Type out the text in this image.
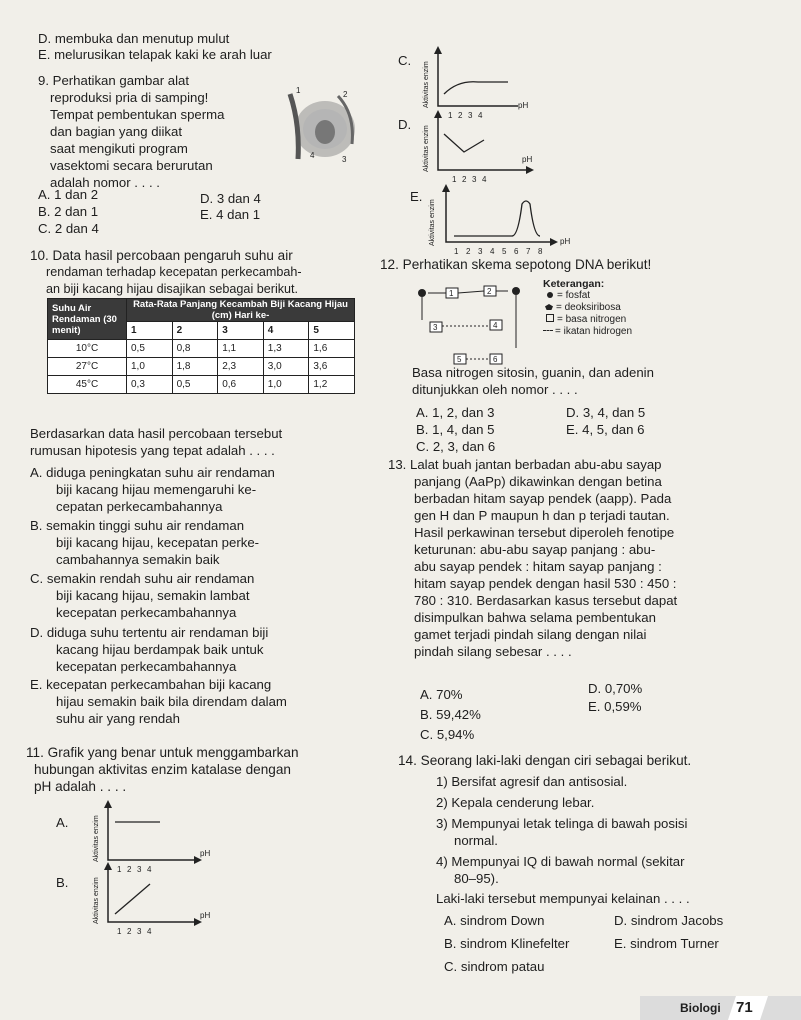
D. membuka dan menutup mulut
E. melurusikan telapak kaki ke arah luar
9. Perhatikan gambar alat
reproduksi pria di samping!
Tempat pembentukan sperma
dan bagian yang diikat
saat mengikuti program
vasektomi secara berurutan
adalah nomor . . . .
1	2
3
4
A. 1 dan 2
B. 2 dan 1
C. 2 dan 4
D. 3 dan 4
E. 4 dan 1
10. Data hasil percobaan pengaruh suhu air
rendaman terhadap kecepatan perkecambah-
an biji kacang hijau disajikan sebagai berikut.
Suhu Air Rendaman (30 menit)	Rata-Rata Panjang Kecambah Biji Kacang Hijau (cm) Hari ke-				
	1	2	3	4	5
10°C	0,5	0,8	1,1	1,3	1,6
27°C	1,0	1,8	2,3	3,0	3,6
45°C	0,3	0,5	0,6	1,0	1,2
Berdasarkan data hasil percobaan tersebut
rumusan hipotesis yang tepat adalah . . . .
A. diduga peningkatan suhu air rendaman
biji kacang hijau memengaruhi ke-
cepatan perkecambahannya
B. semakin tinggi suhu air rendaman
biji kacang hijau, kecepatan perke-
cambahannya semakin baik
C. semakin rendah suhu air rendaman
biji kacang hijau, semakin lambat
kecepatan perkecambahannya
D. diduga suhu tertentu air rendaman biji
kacang hijau berdampak baik untuk
kecepatan perkecambahannya
E. kecepatan perkecambahan biji kacang
hijau semakin baik bila direndam dalam
suhu air yang rendah
11. Grafik yang benar untuk menggambarkan
hubungan aktivitas enzim katalase dengan
pH adalah . . . .
A.	Aktivitas enzim	pH
1 2 3 4
B.	Aktivitas enzim	pH
1 2 3 4
C.
Aktivitas enzim	pH
1 2 3 4
D.
Aktivitas enzim	pH
1 2 3 4
E.
Aktivitas enzim	pH
1 2 3 4 5 6 7 8
12. Perhatikan skema sepotong DNA berikut!
1	2
3	4
5	6
Keterangan:
= fosfat
= deoksiribosa
= basa nitrogen
= ikatan hidrogen
Basa nitrogen sitosin, guanin, dan adenin
ditunjukkan oleh nomor . . . .
A. 1, 2, dan 3
B. 1, 4, dan 5
C. 2, 3, dan 6
D. 3, 4, dan 5
E. 4, 5, dan 6
13. Lalat buah jantan berbadan abu-abu sayap
panjang (AaPp) dikawinkan dengan betina
berbadan hitam sayap pendek (aapp). Pada
gen H dan P maupun h dan p terjadi tautan.
Hasil perkawinan tersebut diperoleh fenotipe
keturunan: abu-abu sayap panjang : abu-
abu sayap pendek : hitam sayap panjang :
hitam sayap pendek dengan hasil 530 : 450 :
780 : 310. Berdasarkan kasus tersebut dapat
disimpulkan bahwa selama pembentukan
gamet terjadi pindah silang dengan nilai
pindah silang sebesar . . . .
A. 70%
B. 59,42%
C. 5,94%
D. 0,70%
E. 0,59%
14. Seorang laki-laki dengan ciri sebagai berikut.
1) Bersifat agresif dan antisosial.
2) Kepala cenderung lebar.
3) Mempunyai letak telinga di bawah posisi
normal.
4) Mempunyai IQ di bawah normal (sekitar
80–95).
Laki-laki tersebut mempunyai kelainan . . . .
A. sindrom Down
B. sindrom Klinefelter
C. sindrom patau
D. sindrom Jacobs
E. sindrom Turner
Biologi 71
